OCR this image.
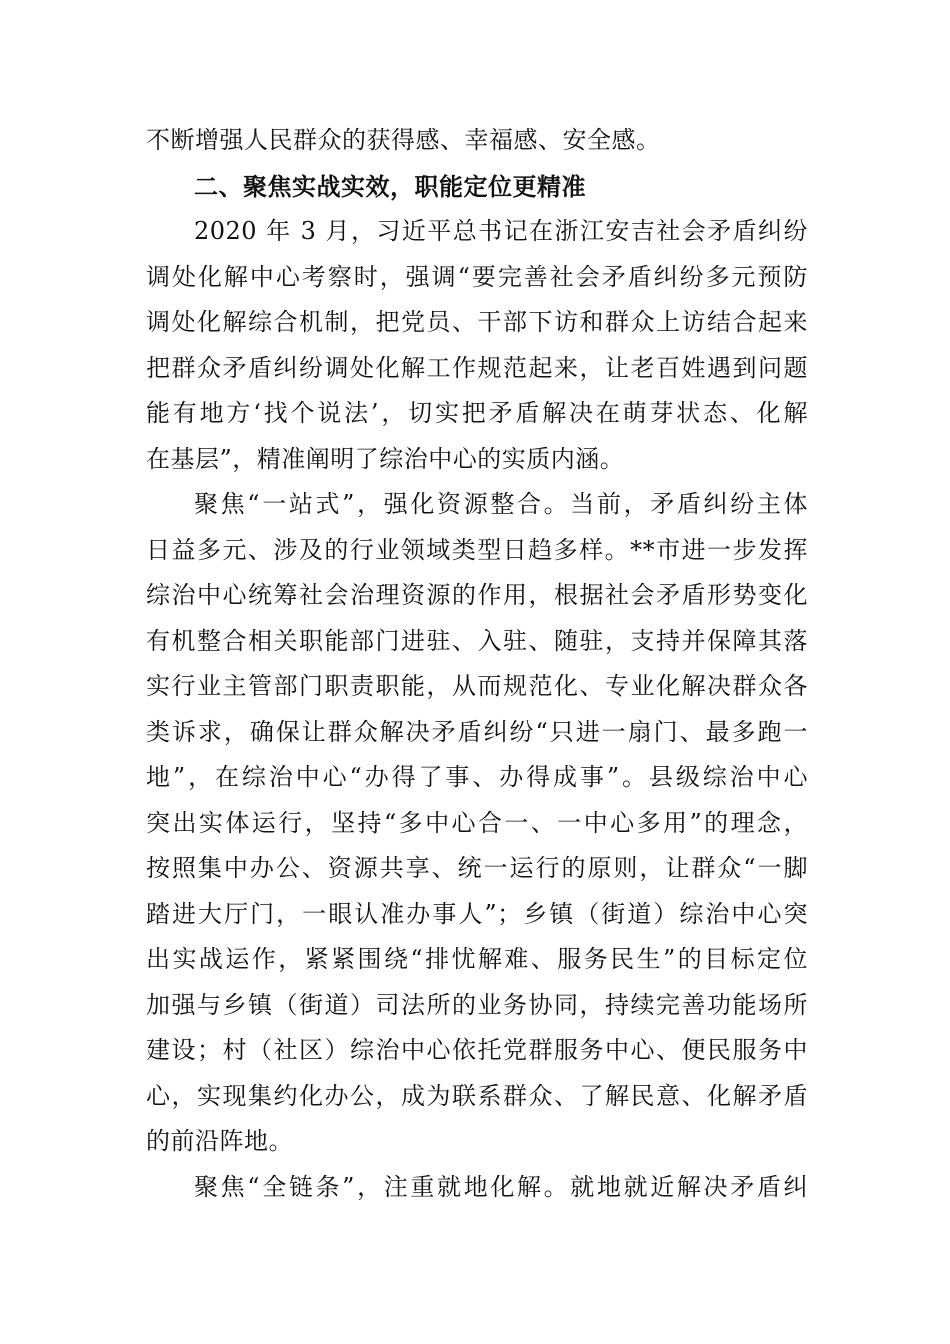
不断增强人民群众的获得感、幸福感、安全感。
二、聚焦实战实效，职能定位更精准
2020 年 3 月，习近平总书记在浙江安吉社会矛盾纠纷
调处化解中心考察时，强调“要完善社会矛盾纠纷多元预防
调处化解综合机制，把党员、干部下访和群众上访结合起来
把群众矛盾纠纷调处化解工作规范起来，让老百姓遇到问题
能有地方‘找个说法’，切实把矛盾解决在萌芽状态、化解
在基层”，精准阐明了综治中心的实质内涵。
聚焦“一站式”，强化资源整合。当前，矛盾纠纷主体
日益多元、涉及的行业领域类型日趋多样。**市进一步发挥
综治中心统筹社会治理资源的作用，根据社会矛盾形势变化
有机整合相关职能部门进驻、入驻、随驻，支持并保障其落
实行业主管部门职责职能，从而规范化、专业化解决群众各
类诉求，确保让群众解决矛盾纠纷“只进一扇门、最多跑一
地”，在综治中心“办得了事、办得成事”。县级综治中心
突出实体运行，坚持“多中心合一、一中心多用”的理念，
按照集中办公、资源共享、统一运行的原则，让群众“一脚
踏进大厅门，一眼认准办事人”；乡镇（街道）综治中心突
出实战运作，紧紧围绕“排忧解难、服务民生”的目标定位
加强与乡镇（街道）司法所的业务协同，持续完善功能场所
建设；村（社区）综治中心依托党群服务中心、便民服务中
心，实现集约化办公，成为联系群众、了解民意、化解矛盾
的前沿阵地。
聚焦“全链条”，注重就地化解。就地就近解决矛盾纠
